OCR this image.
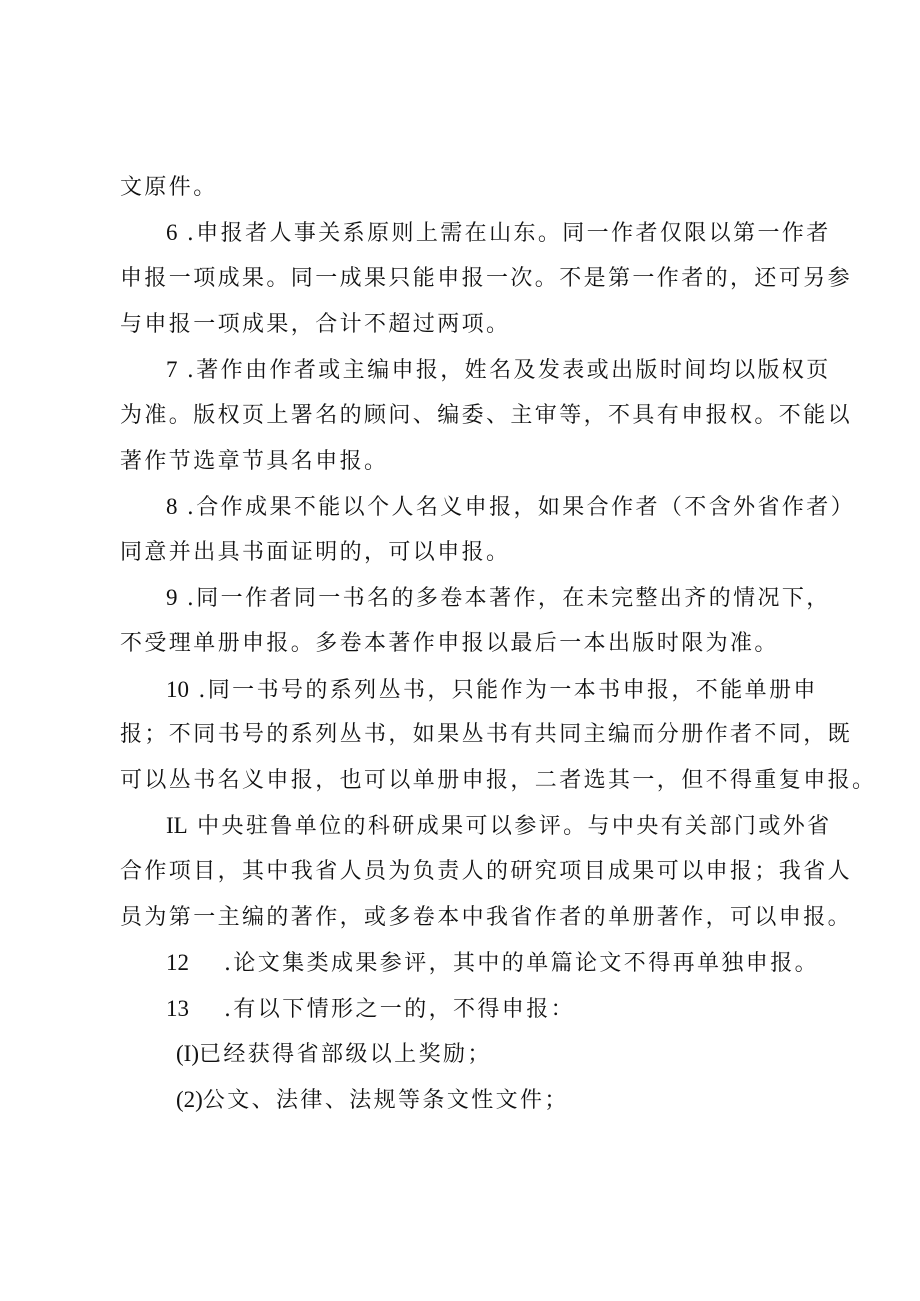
文原件。
6 .申报者人事关系原则上需在山东。同一作者仅限以第一作者
申报一项成果。同一成果只能申报一次。不是第一作者的，还可另参
与申报一项成果，合计不超过两项。
7 .著作由作者或主编申报，姓名及发表或出版时间均以版权页
为准。版权页上署名的顾问、编委、主审等，不具有申报权。不能以
著作节选章节具名申报。
8 .合作成果不能以个人名义申报，如果合作者（不含外省作者）
同意并出具书面证明的，可以申报。
9 .同一作者同一书名的多卷本著作，在未完整出齐的情况下，
不受理单册申报。多卷本著作申报以最后一本出版时限为准。
10 .同一书号的系列丛书，只能作为一本书申报，不能单册申
报；不同书号的系列丛书，如果丛书有共同主编而分册作者不同，既
可以丛书名义申报，也可以单册申报，二者选其一，但不得重复申报。
IL 中央驻鲁单位的科研成果可以参评。与中央有关部门或外省
合作项目，其中我省人员为负责人的研究项目成果可以申报；我省人
员为第一主编的著作，或多卷本中我省作者的单册著作，可以申报。
12 .论文集类成果参评，其中的单篇论文不得再单独申报。
13 .有以下情形之一的，不得申报：
(I)已经获得省部级以上奖励；
(2)公文、法律、法规等条文性文件；
